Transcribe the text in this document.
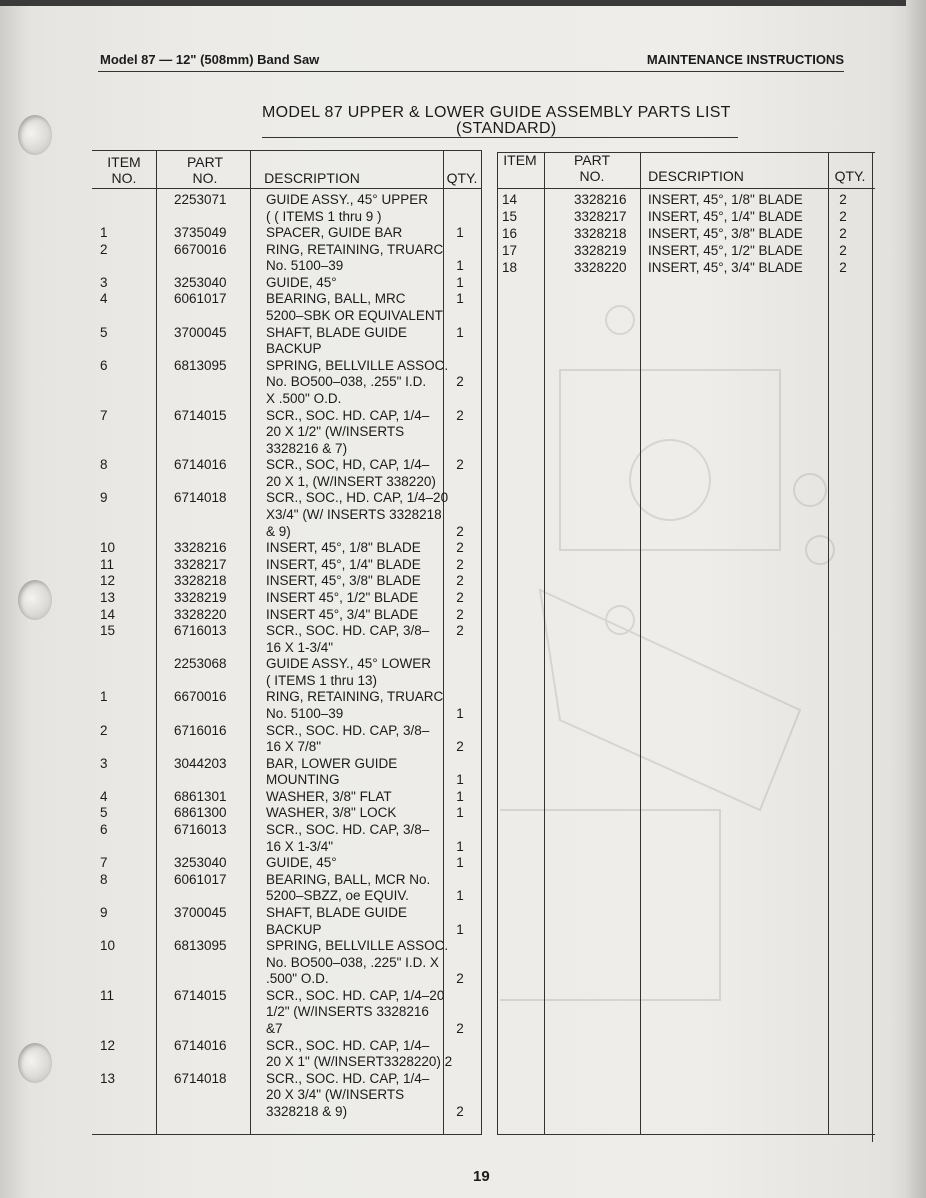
Model 87 — 12" (508mm) Band Saw	MAINTENANCE INSTRUCTIONS
MODEL 87 UPPER & LOWER GUIDE ASSEMBLY PARTS LIST
(STANDARD)
ITEM
NO.
PART
NO.	DESCRIPTION	QTY.
2253071	GUIDE ASSY., 45° UPPER
( ( ITEMS 1 thru 9 )
1	3735049	SPACER, GUIDE BAR	1
2	6670016	RING, RETAINING, TRUARC
No. 5100–39	1
3	3253040	GUIDE, 45°	1
4	6061017	BEARING, BALL, MRC	1
5200–SBK OR EQUIVALENT
5	3700045	SHAFT, BLADE GUIDE	1
BACKUP
6	6813095	SPRING, BELLVILLE ASSOC.
No. BO500–038, .255" I.D.	2
X .500" O.D.
7	6714015	SCR., SOC. HD. CAP, 1/4–	2
20 X 1/2" (W/INSERTS
3328216 & 7)
8	6714016	SCR., SOC, HD, CAP, 1/4–	2
20 X 1, (W/INSERT 338220)
9	6714018	SCR., SOC., HD. CAP, 1/4–20
X3/4" (W/ INSERTS 3328218
& 9)	2
10	3328216	INSERT, 45°, 1/8" BLADE	2
11	3328217	INSERT, 45°, 1/4" BLADE	2
12	3328218	INSERT, 45°, 3/8" BLADE	2
13	3328219	INSERT 45°, 1/2" BLADE	2
14	3328220	INSERT 45°, 3/4" BLADE	2
15	6716013	SCR., SOC. HD. CAP, 3/8–	2
16 X 1-3/4"
2253068	GUIDE ASSY., 45° LOWER
( ITEMS 1 thru 13)
1	6670016	RING, RETAINING, TRUARC
No. 5100–39	1
2	6716016	SCR., SOC. HD. CAP, 3/8–
16 X 7/8"	2
3	3044203	BAR, LOWER GUIDE
MOUNTING	1
4	6861301	WASHER, 3/8" FLAT	1
5	6861300	WASHER, 3/8" LOCK	1
6	6716013	SCR., SOC. HD. CAP, 3/8–
16 X 1-3/4"	1
7	3253040	GUIDE, 45°	1
8	6061017	BEARING, BALL, MCR No.
5200–SBZZ, oe EQUIV.	1
9	3700045	SHAFT, BLADE GUIDE
BACKUP	1
10	6813095	SPRING, BELLVILLE ASSOC.
No. BO500–038, .225" I.D. X
.500" O.D.	2
11	6714015	SCR., SOC. HD. CAP, 1/4–20
1/2" (W/INSERTS 3328216
&7	2
12	6714016	SCR., SOC. HD. CAP, 1/4–
20 X 1" (W/INSERT3328220) 2
13	6714018	SCR., SOC. HD. CAP, 1/4–
20 X 3/4" (W/INSERTS
3328218 & 9)	2
ITEM	PART
NO.	DESCRIPTION	QTY.
14	3328216	INSERT, 45°, 1/8" BLADE	2
15	3328217	INSERT, 45°, 1/4" BLADE	2
16	3328218	INSERT, 45°, 3/8" BLADE	2
17	3328219	INSERT, 45°, 1/2" BLADE	2
18	3328220	INSERT, 45°, 3/4" BLADE	2
19
